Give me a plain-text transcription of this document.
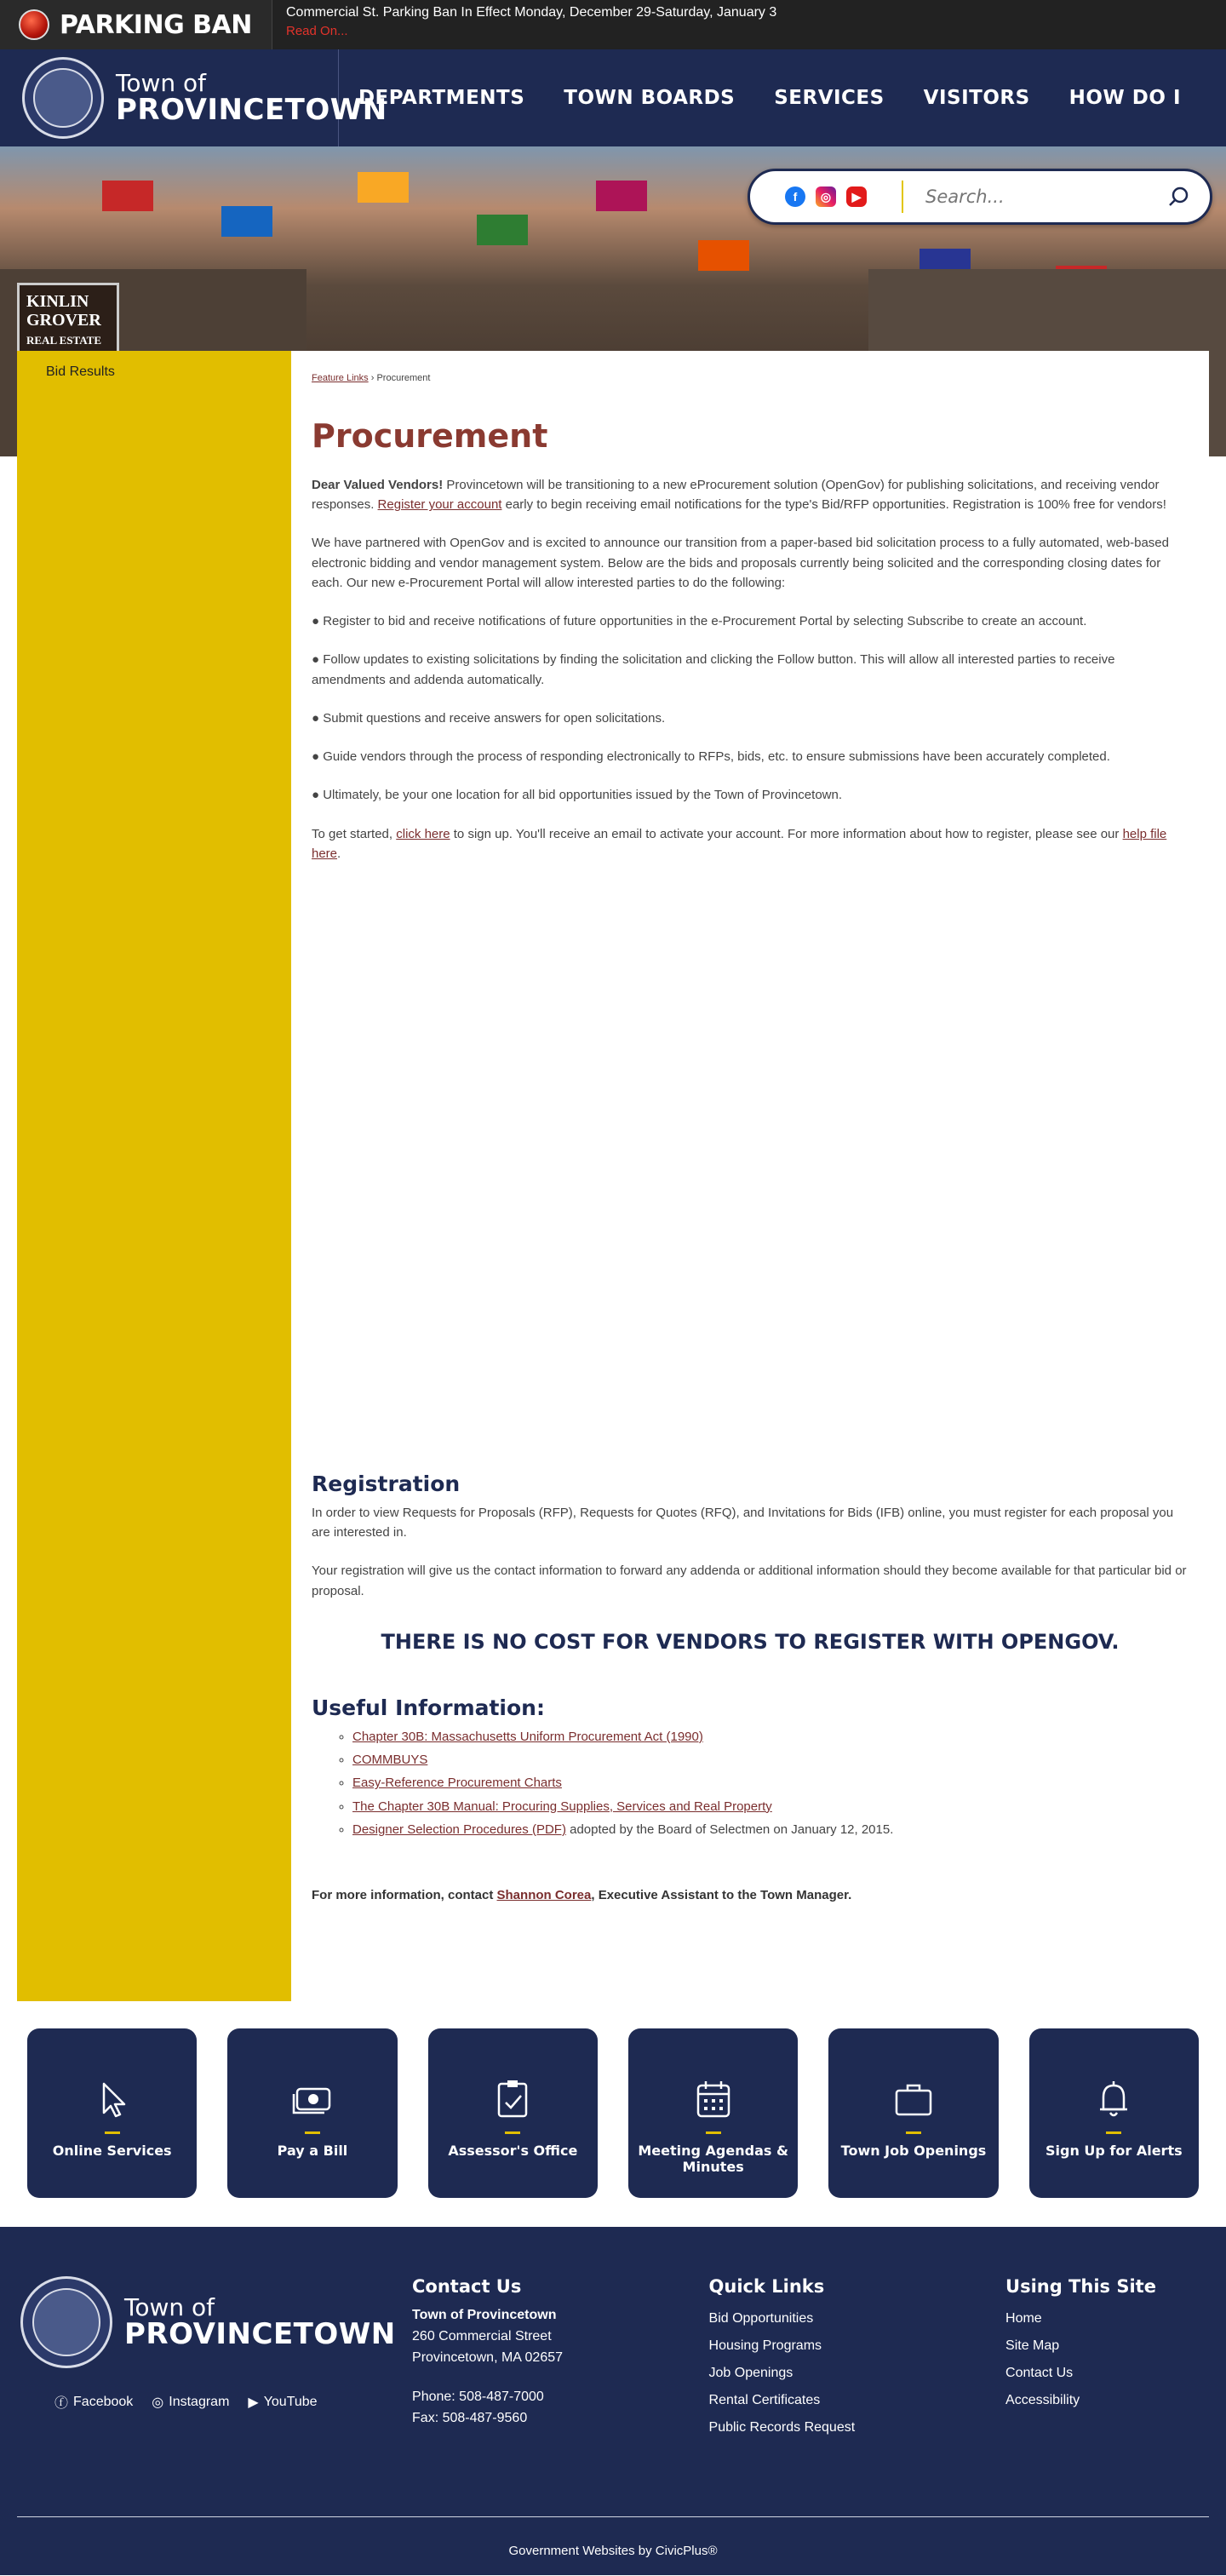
PARKING BAN	Commercial St. Parking Ban In Effect Monday, December 29-Saturday, January 3
Read On...
Town of
PROVINCETOWN
DEPARTMENTS TOWN BOARDS SERVICES VISITORS HOW DO I
KINLIN
GROVER
REAL ESTATE
f	◎	▶
Search...
Bid Results	Feature Links › Procurement
Procurement

Dear Valued Vendors! Provincetown will be transitioning to a new eProcurement solution (OpenGov) for publishing solicitations, and receiving vendor responses. Register your account early to begin receiving email notifications for the type's Bid/RFP opportunities. Registration is 100% free for vendors!

We have partnered with OpenGov and is excited to announce our transition from a paper-based bid solicitation process to a fully automated, web-based electronic bidding and vendor management system. Below are the bids and proposals currently being solicited and the corresponding closing dates for each. Our new e-Procurement Portal will allow interested parties to do the following:

● Register to bid and receive notifications of future opportunities in the e-Procurement Portal by selecting Subscribe to create an account.

● Follow updates to existing solicitations by finding the solicitation and clicking the Follow button. This will allow all interested parties to receive amendments and addenda automatically.

● Submit questions and receive answers for open solicitations.

● Guide vendors through the process of responding electronically to RFPs, bids, etc. to ensure submissions have been accurately completed.

● Ultimately, be your one location for all bid opportunities issued by the Town of Provincetown.

To get started, click here to sign up. You'll receive an email to activate your account. For more information about how to register, please see our help file here.

Registration

In order to view Requests for Proposals (RFP), Requests for Quotes (RFQ), and Invitations for Bids (IFB) online, you must register for each proposal you are interested in.

Your registration will give us the contact information to forward any addenda or additional information should they become available for that particular bid or proposal.

THERE IS NO COST FOR VENDORS TO REGISTER WITH OPENGOV.
Useful Information:
◦ Chapter 30B: Massachusetts Uniform Procurement Act (1990)
◦ COMMBUYS
◦ Easy-Reference Procurement Charts
◦ The Chapter 30B Manual: Procuring Supplies, Services and Real Property
◦ Designer Selection Procedures (PDF) adopted by the Board of Selectmen on January 12, 2015.
For more information, contact Shannon Corea, Executive Assistant to the Town Manager.
Online Services	Pay a Bill	Assessor's Office	Meeting Agendas & Minutes
Town Job Openings	Sign Up for Alerts
Town of
PROVINCETOWN
ⓕ Facebook ◎ Instagram ▶ YouTube
Contact Us
Town of Provincetown
260 Commercial Street
Provincetown, MA 02657
Phone: 508-487-7000
Fax: 508-487-9560
Quick Links
Bid Opportunities
Housing Programs
Job Openings
Rental Certificates
Public Records Request
Using This Site
Home
Site Map
Contact Us
Accessibility
Government Websites by CivicPlus®
